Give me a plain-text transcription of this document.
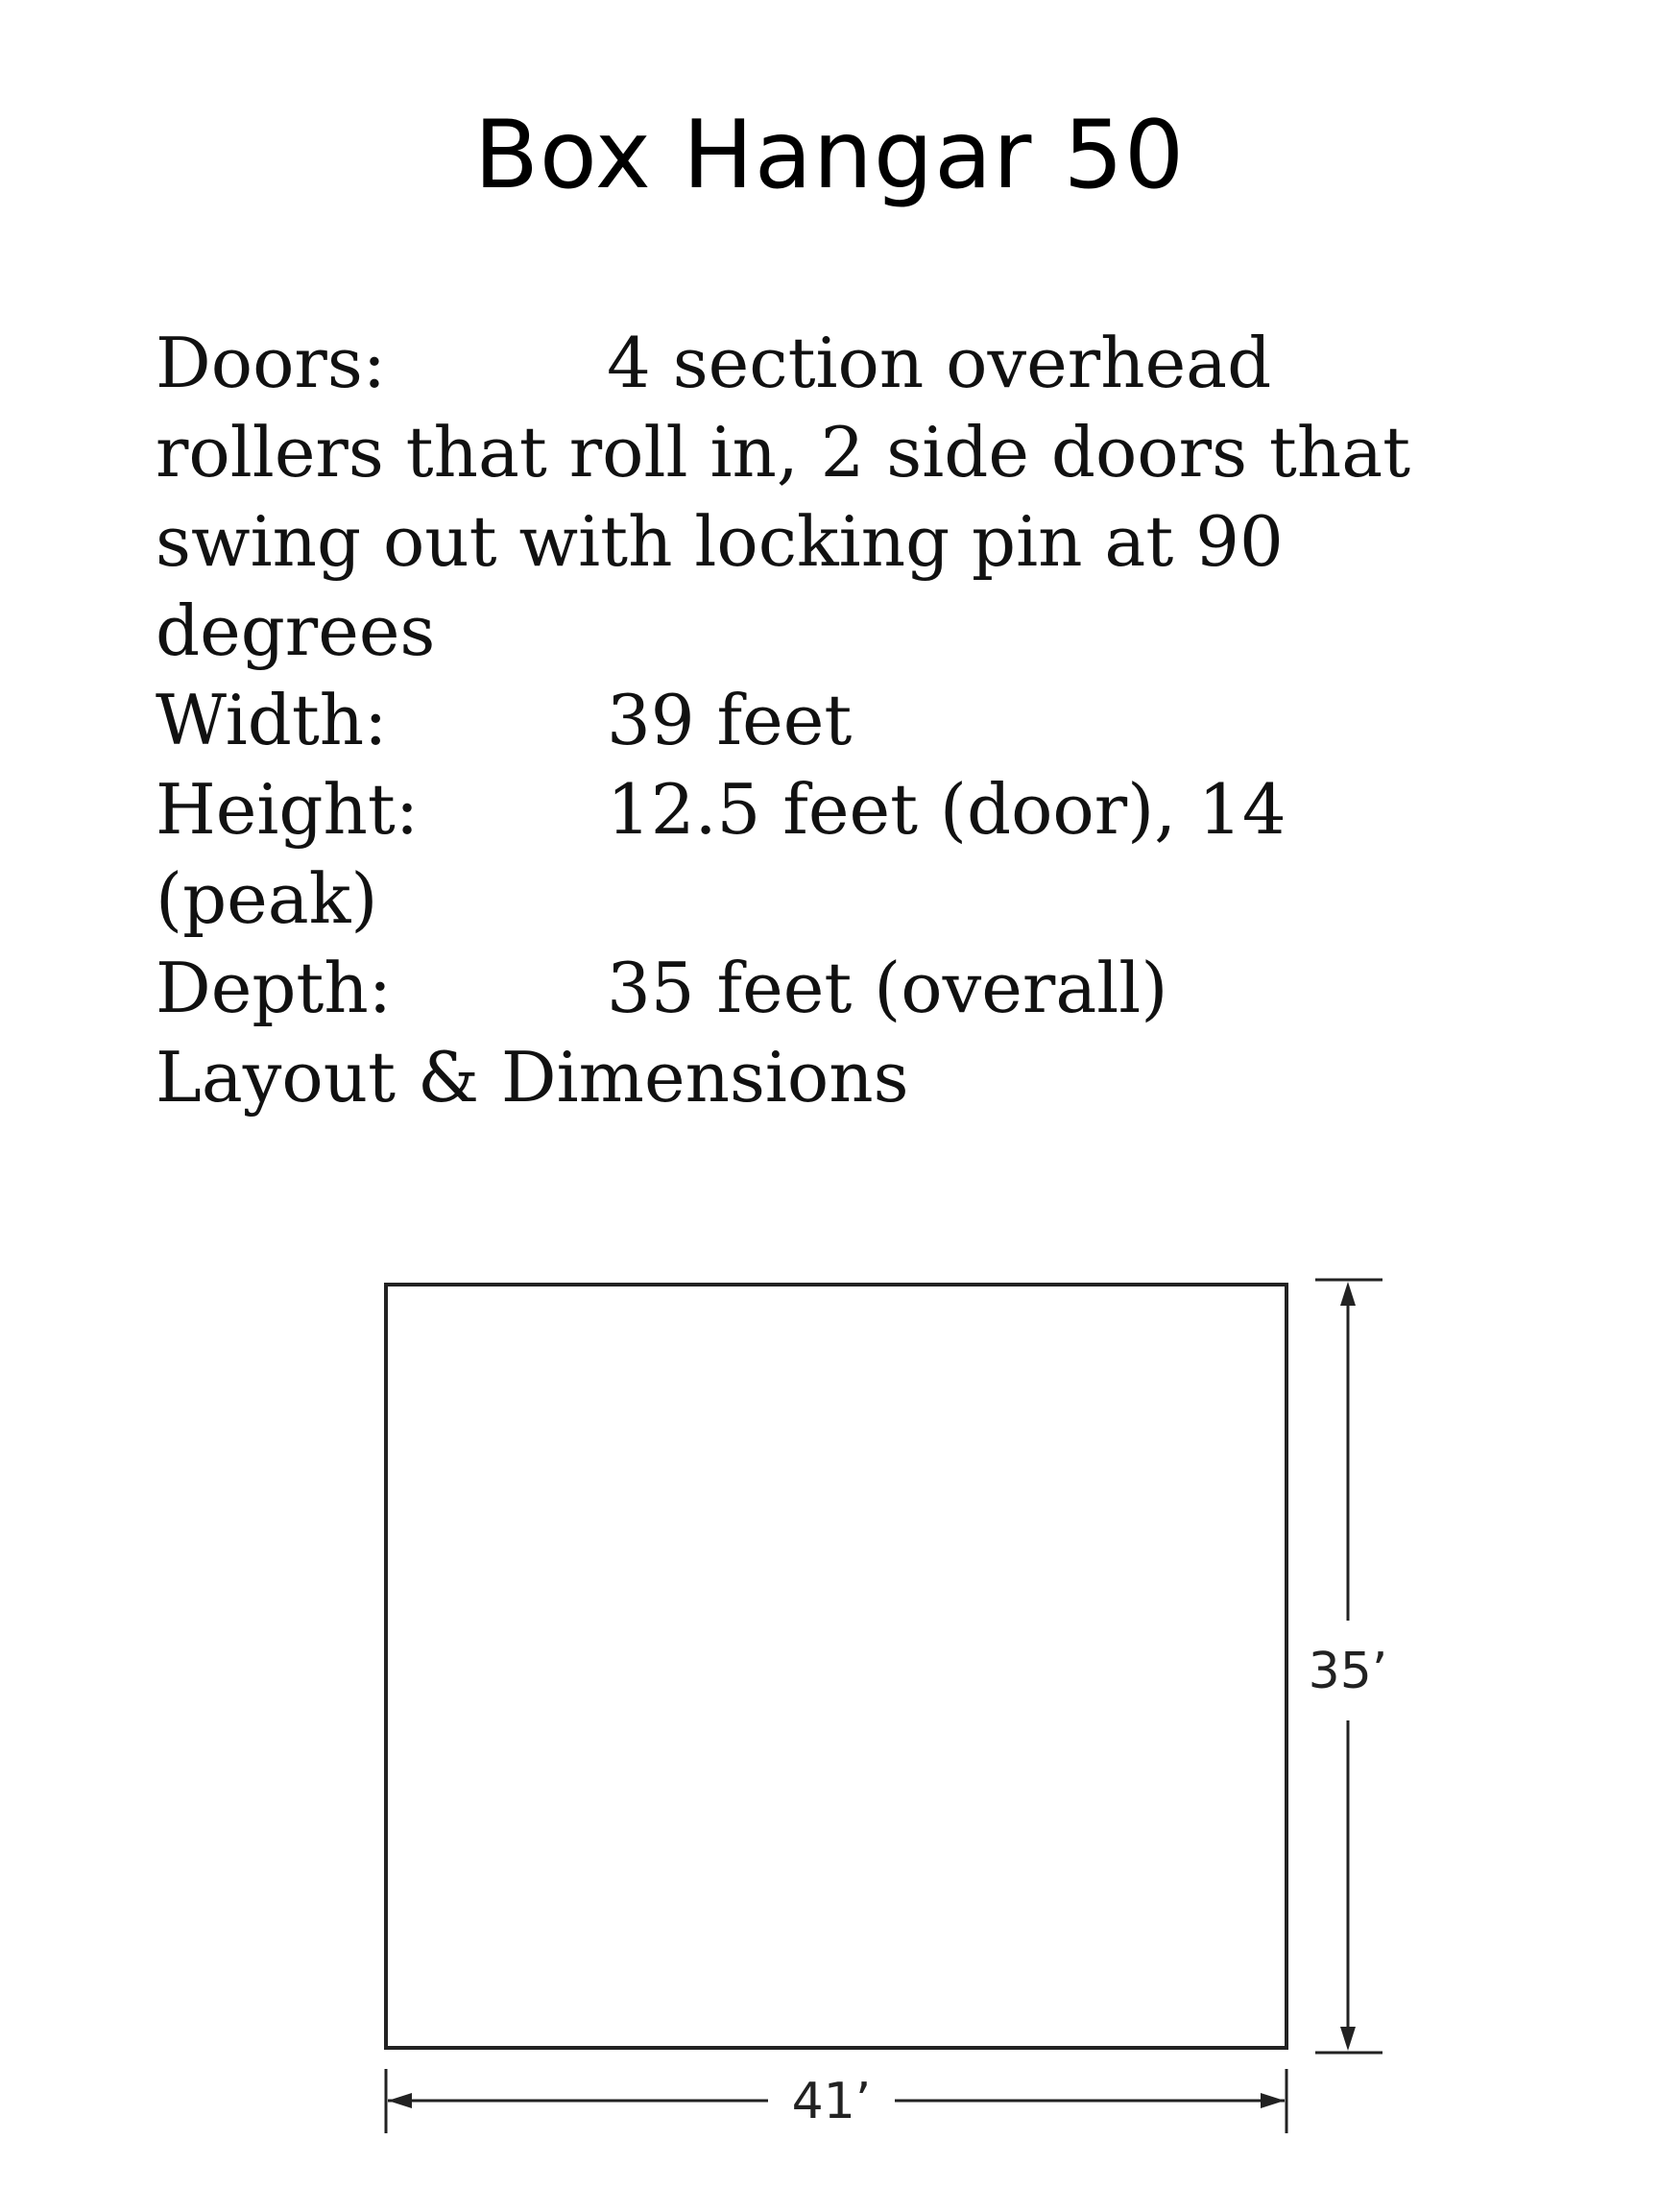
Box Hangar 50
Doors:	4 section overhead
rollers that roll in, 2 side doors that
swing out with locking pin at 90
degrees
Width:	39 feet
Height:	12.5 feet (door), 14
(peak)
Depth:	35 feet (overall)
Layout & Dimensions
35’
41’
